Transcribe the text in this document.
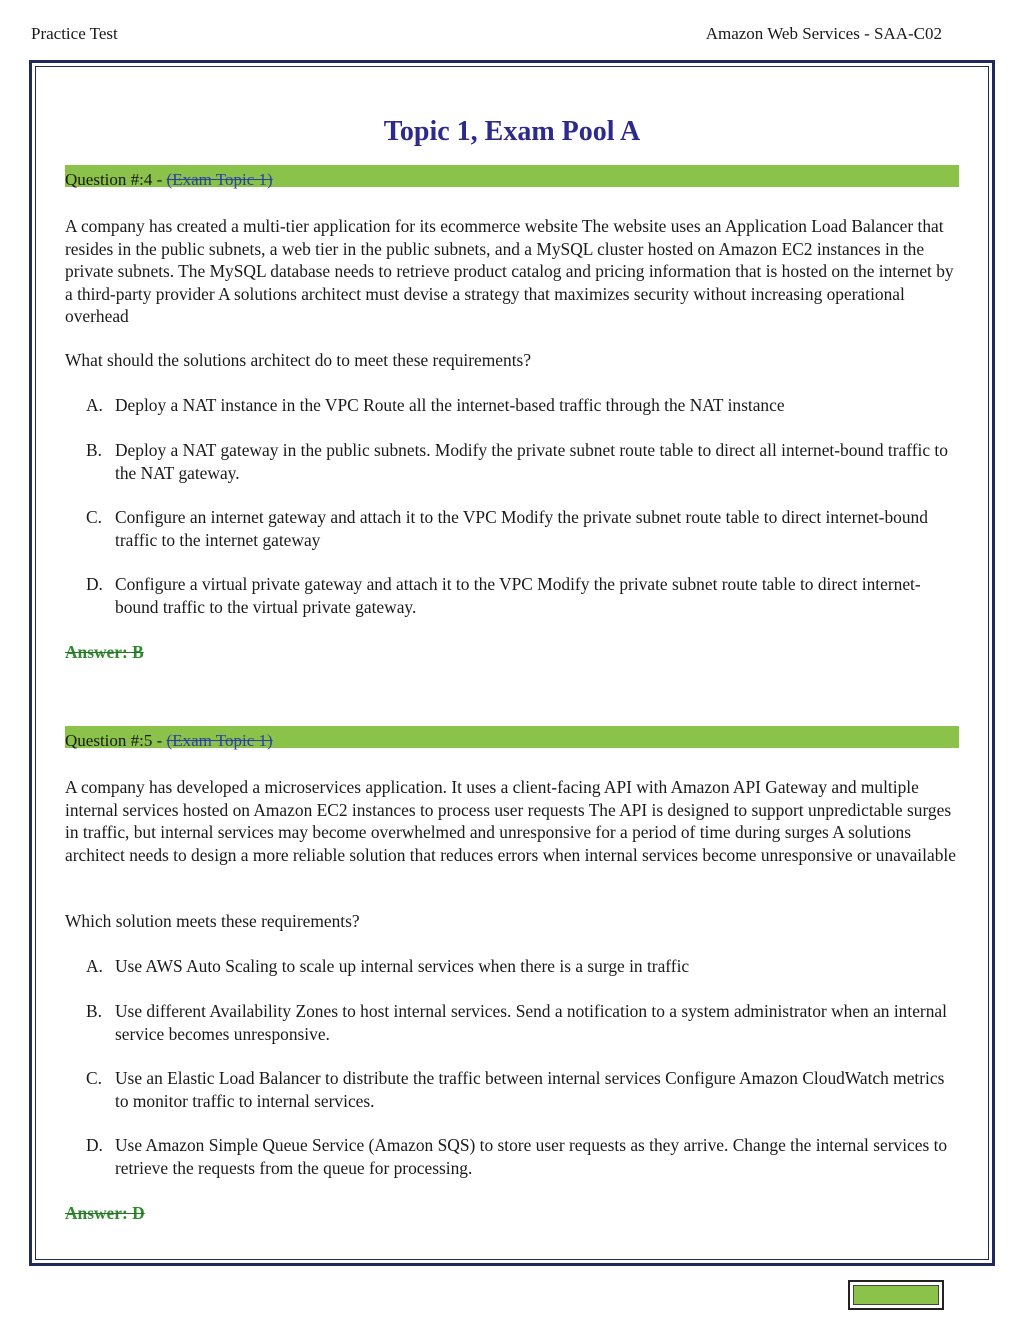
Practice Test	Amazon Web Services - SAA-C02
Topic 1, Exam Pool A
Question #:4 - (Exam Topic 1)
A company has created a multi-tier application for its ecommerce website The website uses an Application Load Balancer that resides in the public subnets, a web tier in the public subnets, and a MySQL cluster hosted on Amazon EC2 instances in the private subnets. The MySQL database needs to retrieve product catalog and pricing information that is hosted on the internet by a third-party provider A solutions architect must devise a strategy that maximizes security without increasing operational overhead
What should the solutions architect do to meet these requirements?
A. Deploy a NAT instance in the VPC Route all the internet-based traffic through the NAT instance
B. Deploy a NAT gateway in the public subnets. Modify the private subnet route table to direct all internet-bound traffic to the NAT gateway.
C. Configure an internet gateway and attach it to the VPC Modify the private subnet route table to direct internet-bound traffic to the internet gateway
D. Configure a virtual private gateway and attach it to the VPC Modify the private subnet route table to direct internet-bound traffic to the virtual private gateway.
Answer: B
Question #:5 - (Exam Topic 1)
A company has developed a microservices application. It uses a client-facing API with Amazon API Gateway and multiple internal services hosted on Amazon EC2 instances to process user requests The API is designed to support unpredictable surges in traffic, but internal services may become overwhelmed and unresponsive for a period of time during surges A solutions architect needs to design a more reliable solution that reduces errors when internal services become unresponsive or unavailable
Which solution meets these requirements?
A. Use AWS Auto Scaling to scale up internal services when there is a surge in traffic
B. Use different Availability Zones to host internal services. Send a notification to a system administrator when an internal service becomes unresponsive.
C. Use an Elastic Load Balancer to distribute the traffic between internal services Configure Amazon CloudWatch metrics to monitor traffic to internal services.
D. Use Amazon Simple Queue Service (Amazon SQS) to store user requests as they arrive. Change the internal services to retrieve the requests from the queue for processing.
Answer: D
